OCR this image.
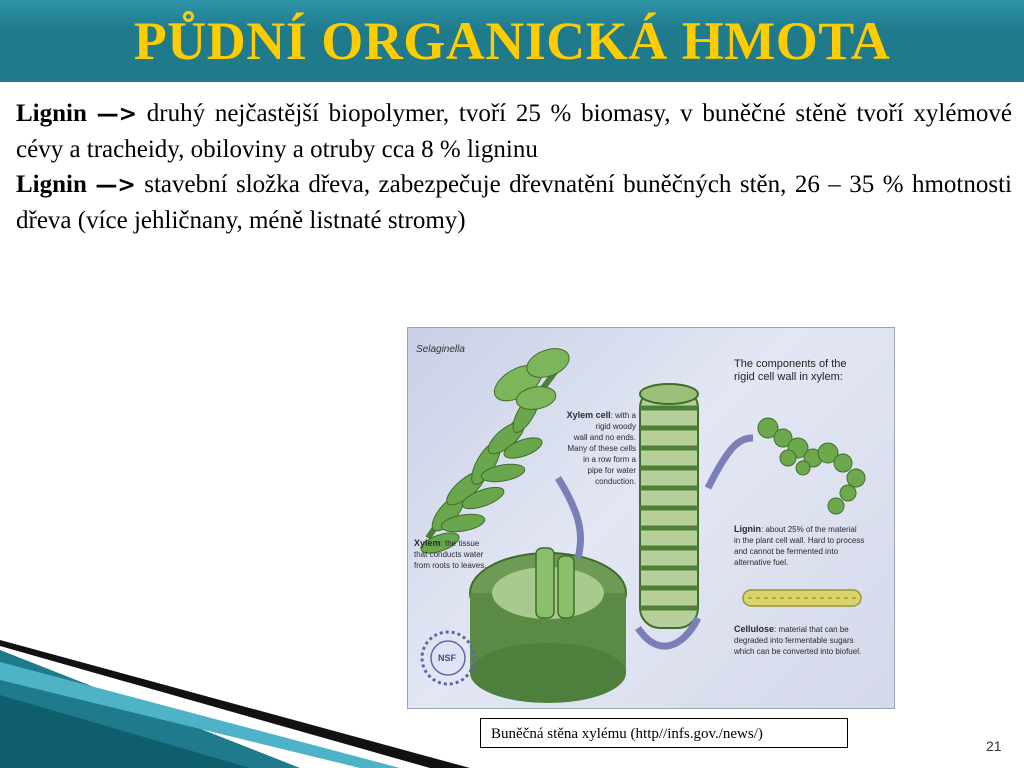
PŮDNÍ ORGANICKÁ HMOTA

Lignin —> druhý nejčastější biopolymer, tvoří 25 % biomasy, v buněčné stěně tvoří xylémové cévy a tracheidy, obiloviny a otruby cca 8 % ligninu

Lignin —> stavební složka dřeva, zabezpečuje dřevnatění buněčných stěn, 26 – 35 % hmotnosti dřeva (více jehličnany, méně listnaté stromy)

Selaginella
NSF
The components of the
rigid cell wall in xylem:
Xylem cell: with a rigid woody
wall and no ends.
Many of these cells
in a row form a
pipe for water
conduction.
Xylem: the tissue
that conducts water
from roots to leaves.
Lignin: about 25% of the material
in the plant cell wall. Hard to process
and cannot be fermented into
alternative fuel.
Cellulose: material that can be
degraded into fermentable sugars
which can be converted into biofuel.
Buněčná stěna xylému (http//infs.gov./news/)
21
